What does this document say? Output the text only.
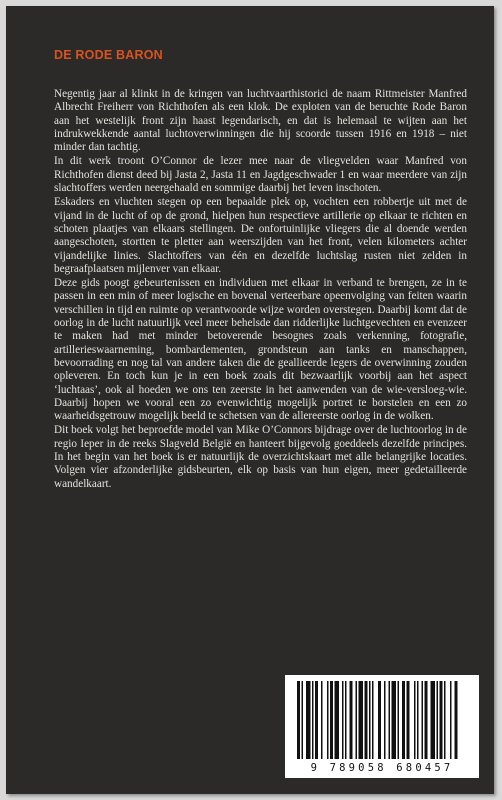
DE RODE BARON

Negentig jaar al klinkt in de kringen van luchtvaarthistorici de naam Rittmeister Manfred Albrecht Freiherr von Richthofen als een klok. De exploten van de beruchte Rode Baron aan het westelijk front zijn haast legendarisch, en dat is helemaal te wijten aan het indrukwekkende aantal luchtoverwinningen die hij scoorde tussen 1916 en 1918 – niet minder dan tachtig.

In dit werk troont O’Connor de lezer mee naar de vliegvelden waar Manfred von Richthofen dienst deed bij Jasta 2, Jasta 11 en Jagdgeschwader 1 en waar meerdere van zijn slachtoffers werden neergehaald en sommige daarbij het leven inschoten.

Eskaders en vluchten stegen op een bepaalde plek op, vochten een robbertje uit met de vijand in de lucht of op de grond, hielpen hun respectieve artillerie op elkaar te richten en schoten plaatjes van elkaars stellingen. De onfortuinlijke vliegers die al doende werden aangeschoten, stortten te pletter aan weerszijden van het front, velen kilometers achter vijandelijke linies. Slachtoffers van één en dezelfde luchtslag rusten niet zelden in begraafplaatsen mijlenver van elkaar.

Deze gids poogt gebeurtenissen en individuen met elkaar in verband te brengen, ze in te passen in een min of meer logische en bovenal verteerbare opeenvolging van feiten waarin verschillen in tijd en ruimte op verantwoorde wijze worden overstegen. Daarbij komt dat de oorlog in de lucht natuurlijk veel meer behelsde dan ridderlijke luchtgevechten en evenzeer te maken had met minder betoverende besognes zoals verkenning, fotografie, artillerieswaarneming, bombardementen, grondsteun aan tanks en manschappen, bevoorrading en nog tal van andere taken die de geallieerde legers de overwinning zouden opleveren. En toch kun je in een boek zoals dit bezwaarlijk voorbij aan het aspect ‘luchtaas’, ook al hoeden we ons ten zeerste in het aanwenden van de wie-versloeg-wie. Daarbij hopen we vooral een zo evenwichtig mogelijk portret te borstelen en een zo waarheidsgetrouw mogelijk beeld te schetsen van de allereerste oorlog in de wolken.

Dit boek volgt het beproefde model van Mike O’Connors bijdrage over de luchtoorlog in de regio Ieper in de reeks Slagveld België en hanteert bijgevolg goeddeels dezelfde principes. In het begin van het boek is er natuurlijk de overzichtskaart met alle belangrijke locaties. Volgen vier afzonderlijke gidsbeurten, elk op basis van hun eigen, meer gedetailleerde wandelkaart.

9 789058 680457
